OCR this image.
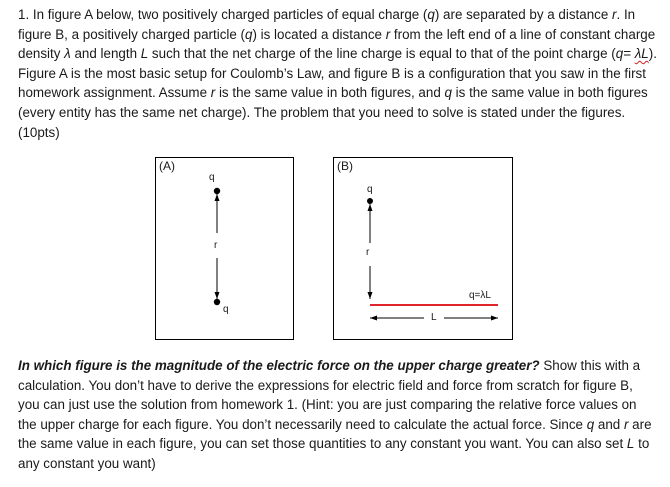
1. In figure A below, two positively charged particles of equal charge (q) are separated by a distance r. In figure B, a positively charged particle (q) is located a distance r from the left end of a line of constant charge density λ and length L such that the net charge of the line charge is equal to that of the point charge (q= λL). Figure A is the most basic setup for Coulomb’s Law, and figure B is a configuration that you saw in the first homework assignment. Assume r is the same value in both figures, and q is the same value in both figures (every entity has the same net charge). The problem that you need to solve is stated under the figures. (10pts)
(A)
q
r
q
(B)
q
r
q=λL
L
In which figure is the magnitude of the electric force on the upper charge greater? Show this with a calculation. You don’t have to derive the expressions for electric field and force from scratch for figure B, you can just use the solution from homework 1. (Hint: you are just comparing the relative force values on the upper charge for each figure. You don’t necessarily need to calculate the actual force. Since q and r are the same value in each figure, you can set those quantities to any constant you want. You can also set L to any constant you want)
